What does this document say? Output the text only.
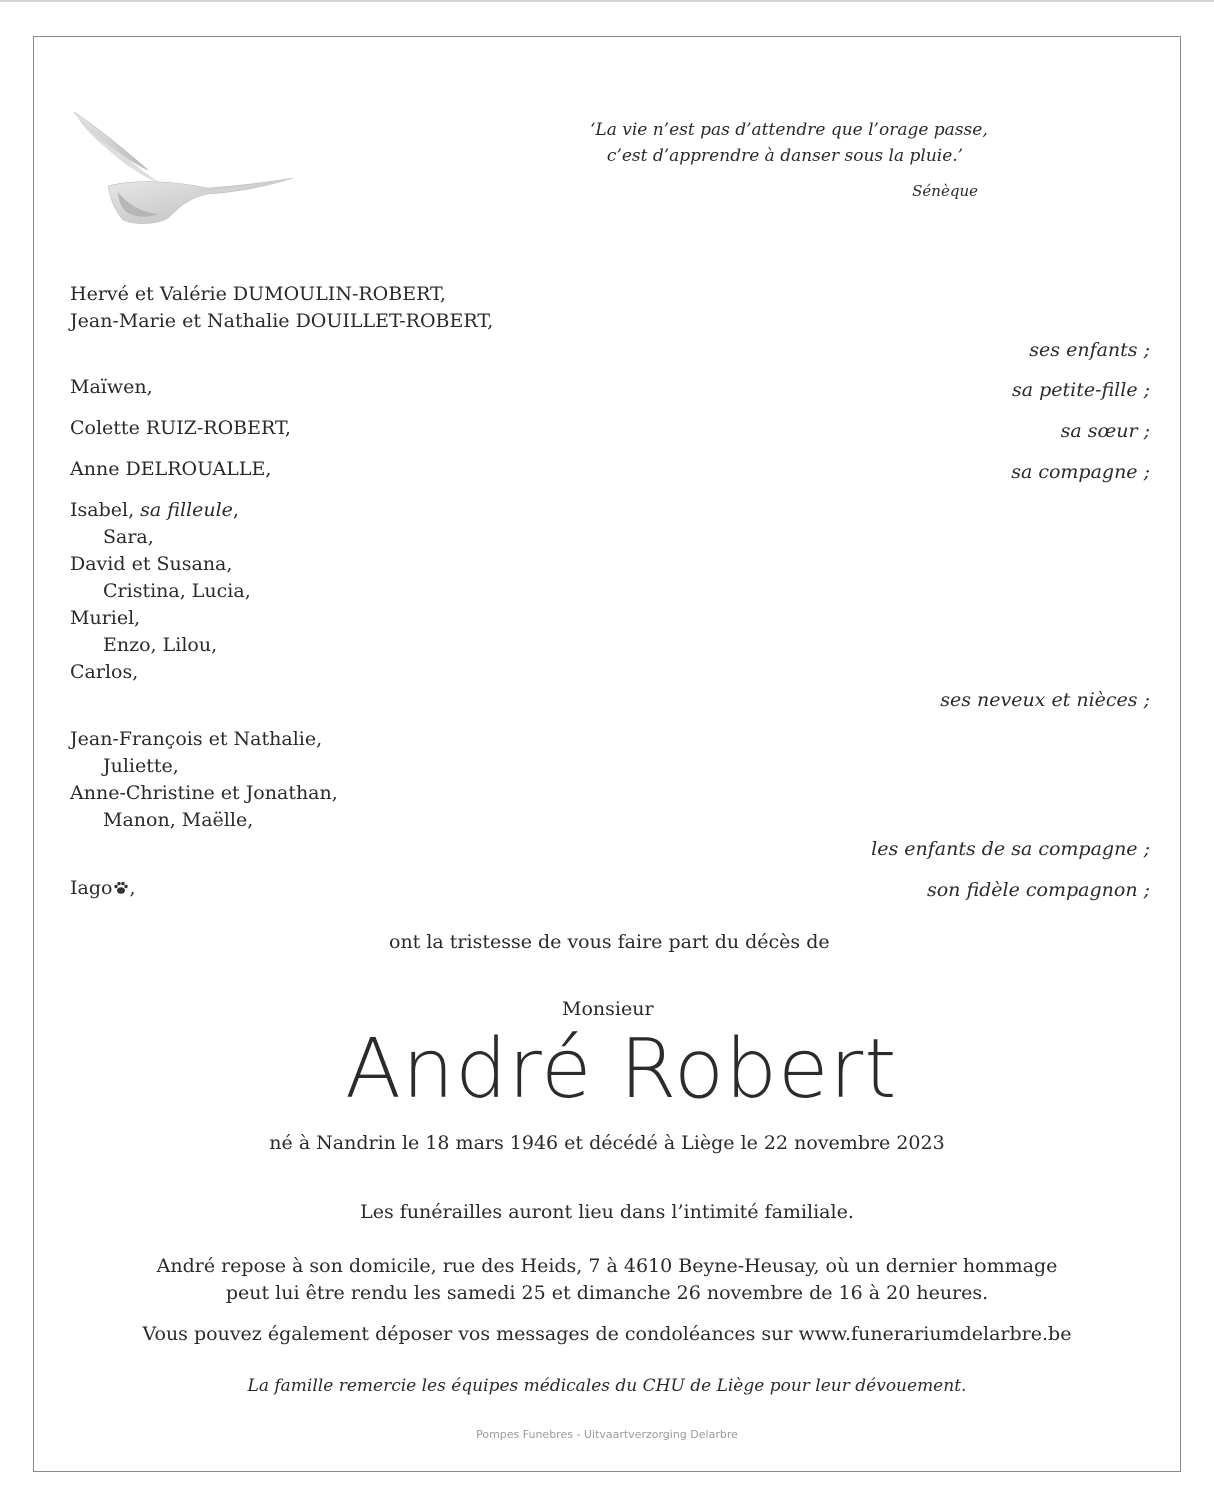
‘La vie n’est pas d’attendre que l’orage passe,
c’est d’apprendre à danser sous la pluie.’
Sénèque
Hervé et Valérie DUMOULIN-ROBERT,
Jean-Marie et Nathalie DOUILLET-ROBERT,
ses enfants ;
Maïwen,	sa petite-fille ;
Colette RUIZ-ROBERT,	sa sœur ;
Anne DELROUALLE,	sa compagne ;
Isabel, sa filleule,
Sara,
David et Susana,
Cristina, Lucia,
Muriel,
Enzo, Lilou,
Carlos,
ses neveux et nièces ;
Jean-François et Nathalie,
Juliette,
Anne-Christine et Jonathan,
Manon, Maëlle,
les enfants de sa compagne ;
Iago ,	son fidèle compagnon ;
ont la tristesse de vous faire part du décès de
Monsieur
André Robert
né à Nandrin le 18 mars 1946 et décédé à Liège le 22 novembre 2023
Les funérailles auront lieu dans l’intimité familiale.
André repose à son domicile, rue des Heids, 7 à 4610 Beyne-Heusay, où un dernier hommage
peut lui être rendu les samedi 25 et dimanche 26 novembre de 16 à 20 heures.
Vous pouvez également déposer vos messages de condoléances sur www.funerariumdelarbre.be
La famille remercie les équipes médicales du CHU de Liège pour leur dévouement.
Pompes Funebres - Uitvaartverzorging Delarbre
